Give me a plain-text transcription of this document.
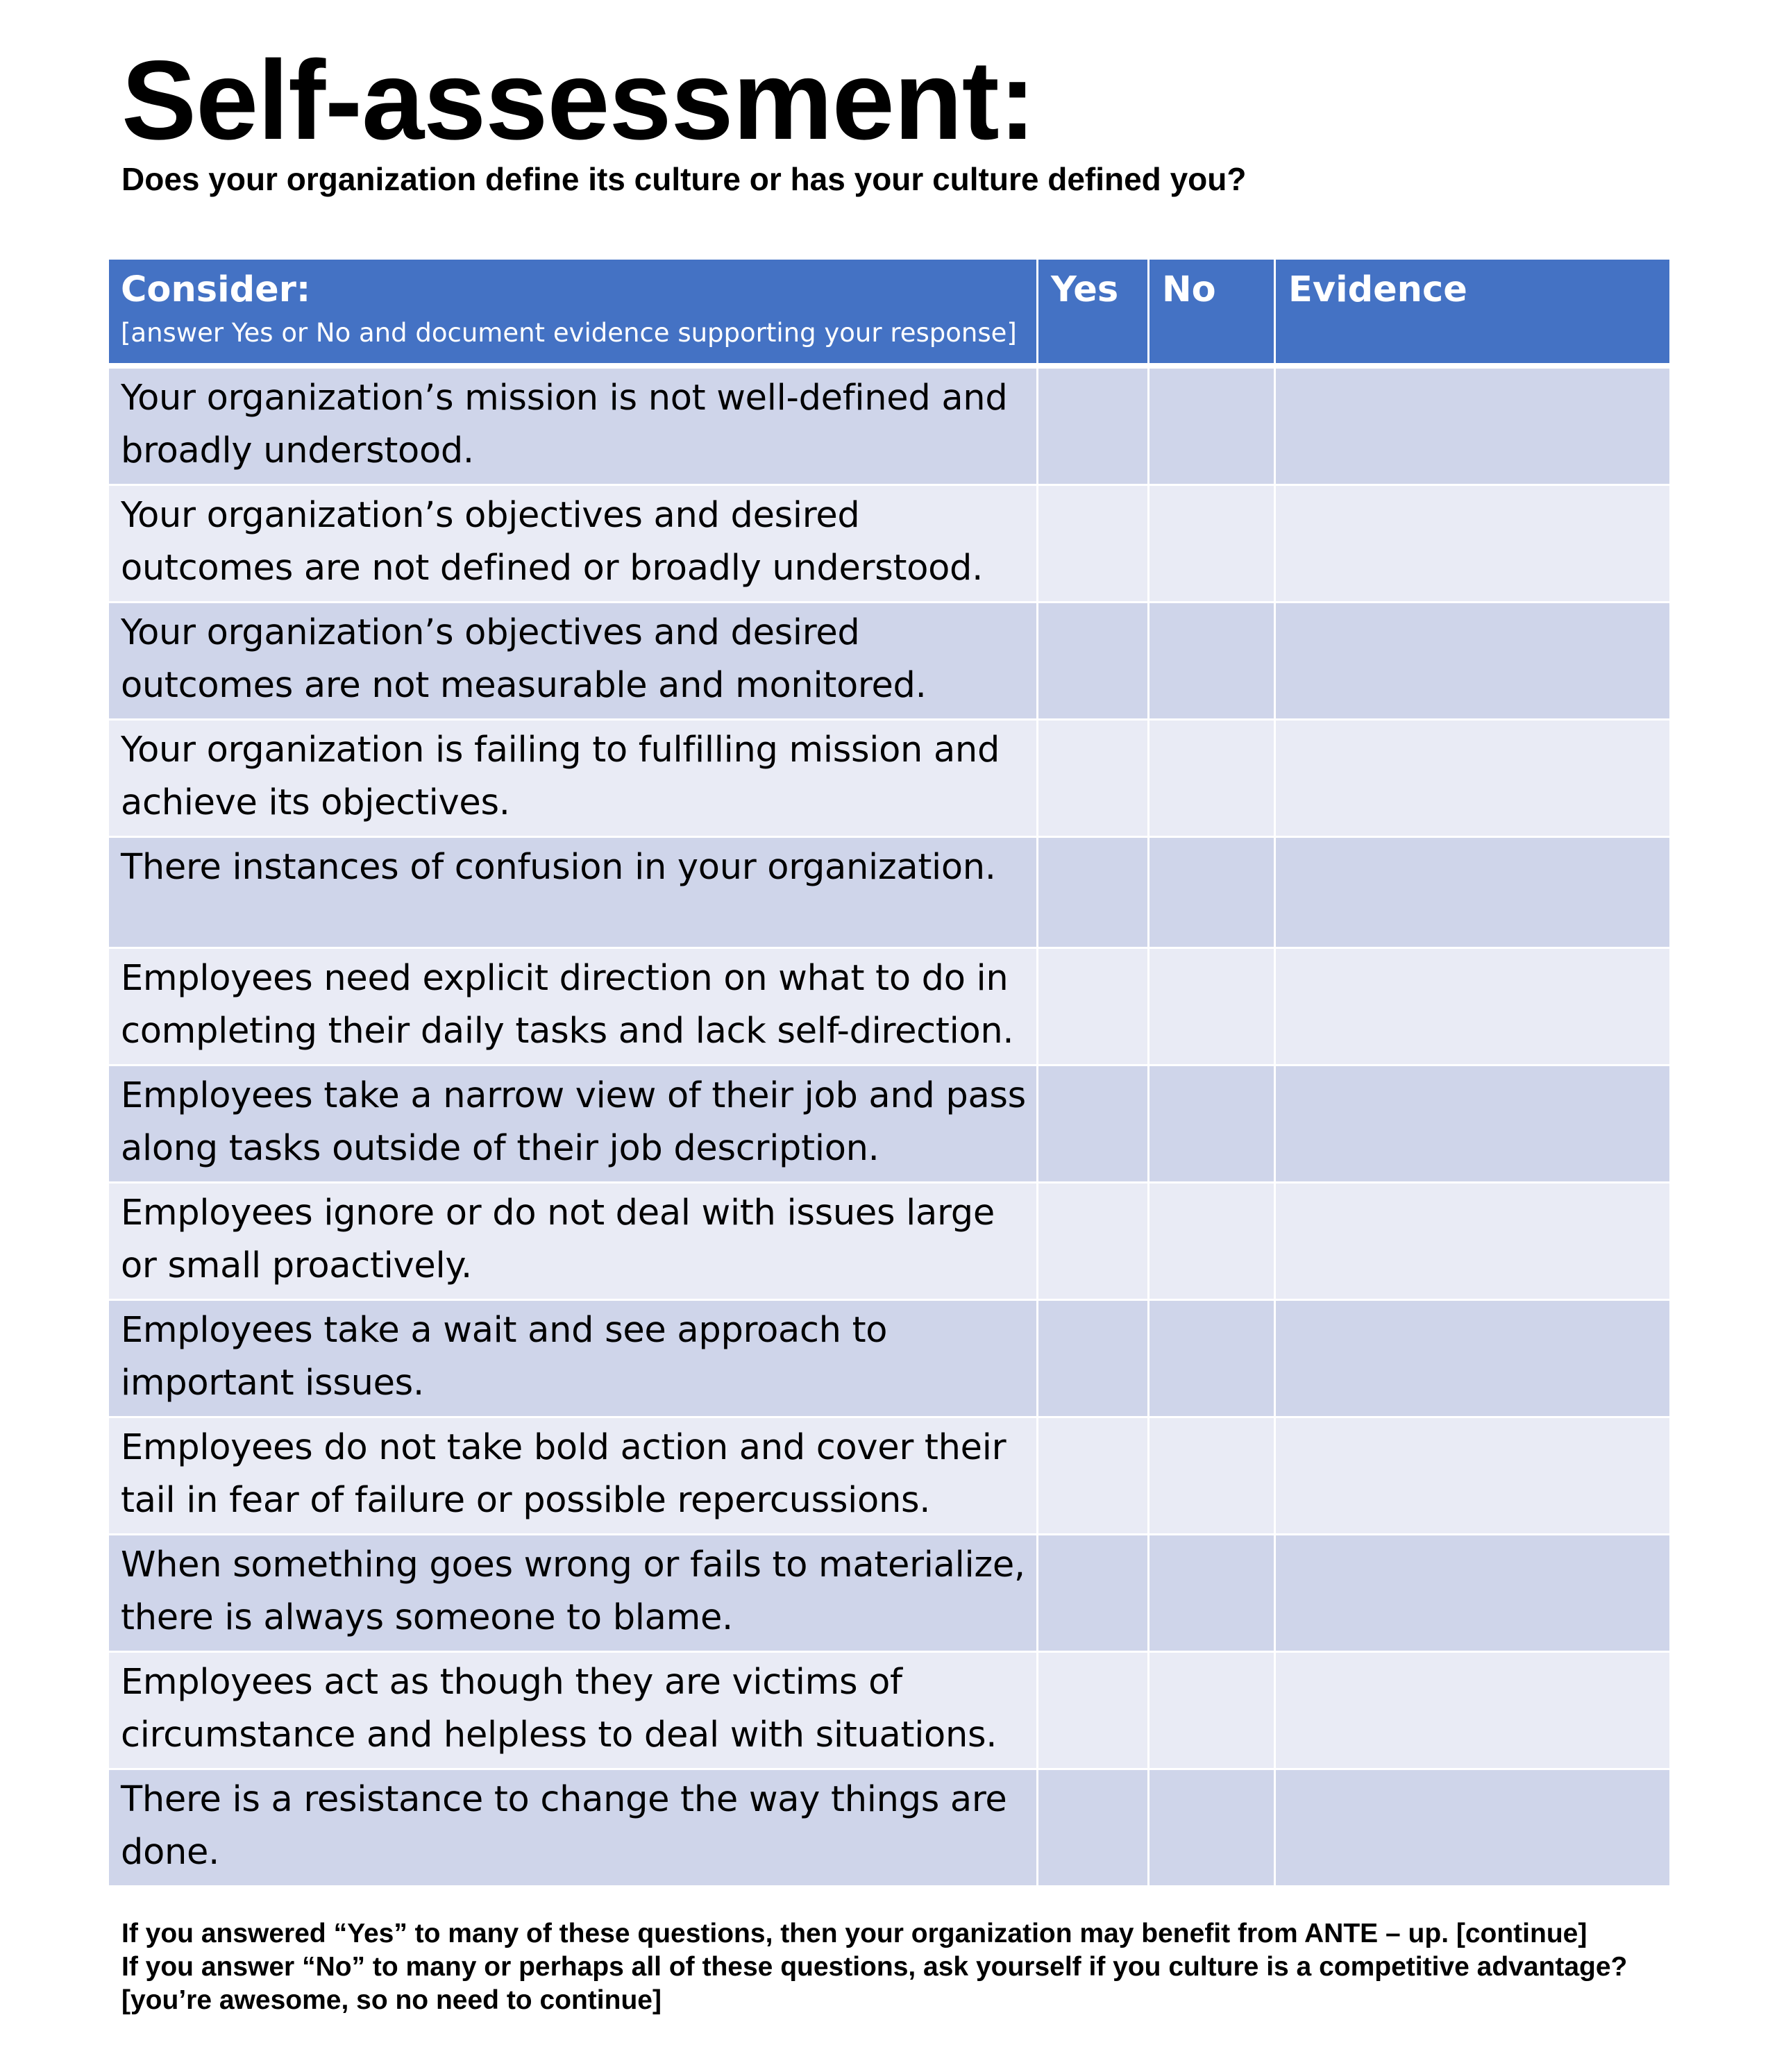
Self-assessment:

Does your organization define its culture or has your culture defined you?

Consider:
[answer Yes or No and document evidence supporting your response]	Yes	No	Evidence

Your organization’s mission is not well-defined and broadly understood.			

Your organization’s objectives and desired outcomes are not defined or broadly understood.			

Your organization’s objectives and desired outcomes are not measurable and monitored.			

Your organization is failing to fulfilling mission and achieve its objectives.			

There instances of confusion in your organization.			

Employees need explicit direction on what to do in completing their daily tasks and lack self-direction.			

Employees take a narrow view of their job and pass along tasks outside of their job description.			

Employees ignore or do not deal with issues large or small proactively.			

Employees take a wait and see approach to important issues.			

Employees do not take bold action and cover their tail in fear of failure or possible repercussions.			

When something goes wrong or fails to materialize, there is always someone to blame.			

Employees act as though they are victims of circumstance and helpless to deal with situations.			

There is a resistance to change the way things are done.			

If you answered “Yes” to many of these questions, then your organization may benefit from ANTE – up. [continue]

If you answer “No” to many or perhaps all of these questions, ask yourself if you culture is a competitive advantage? [you’re awesome, so no need to continue]
